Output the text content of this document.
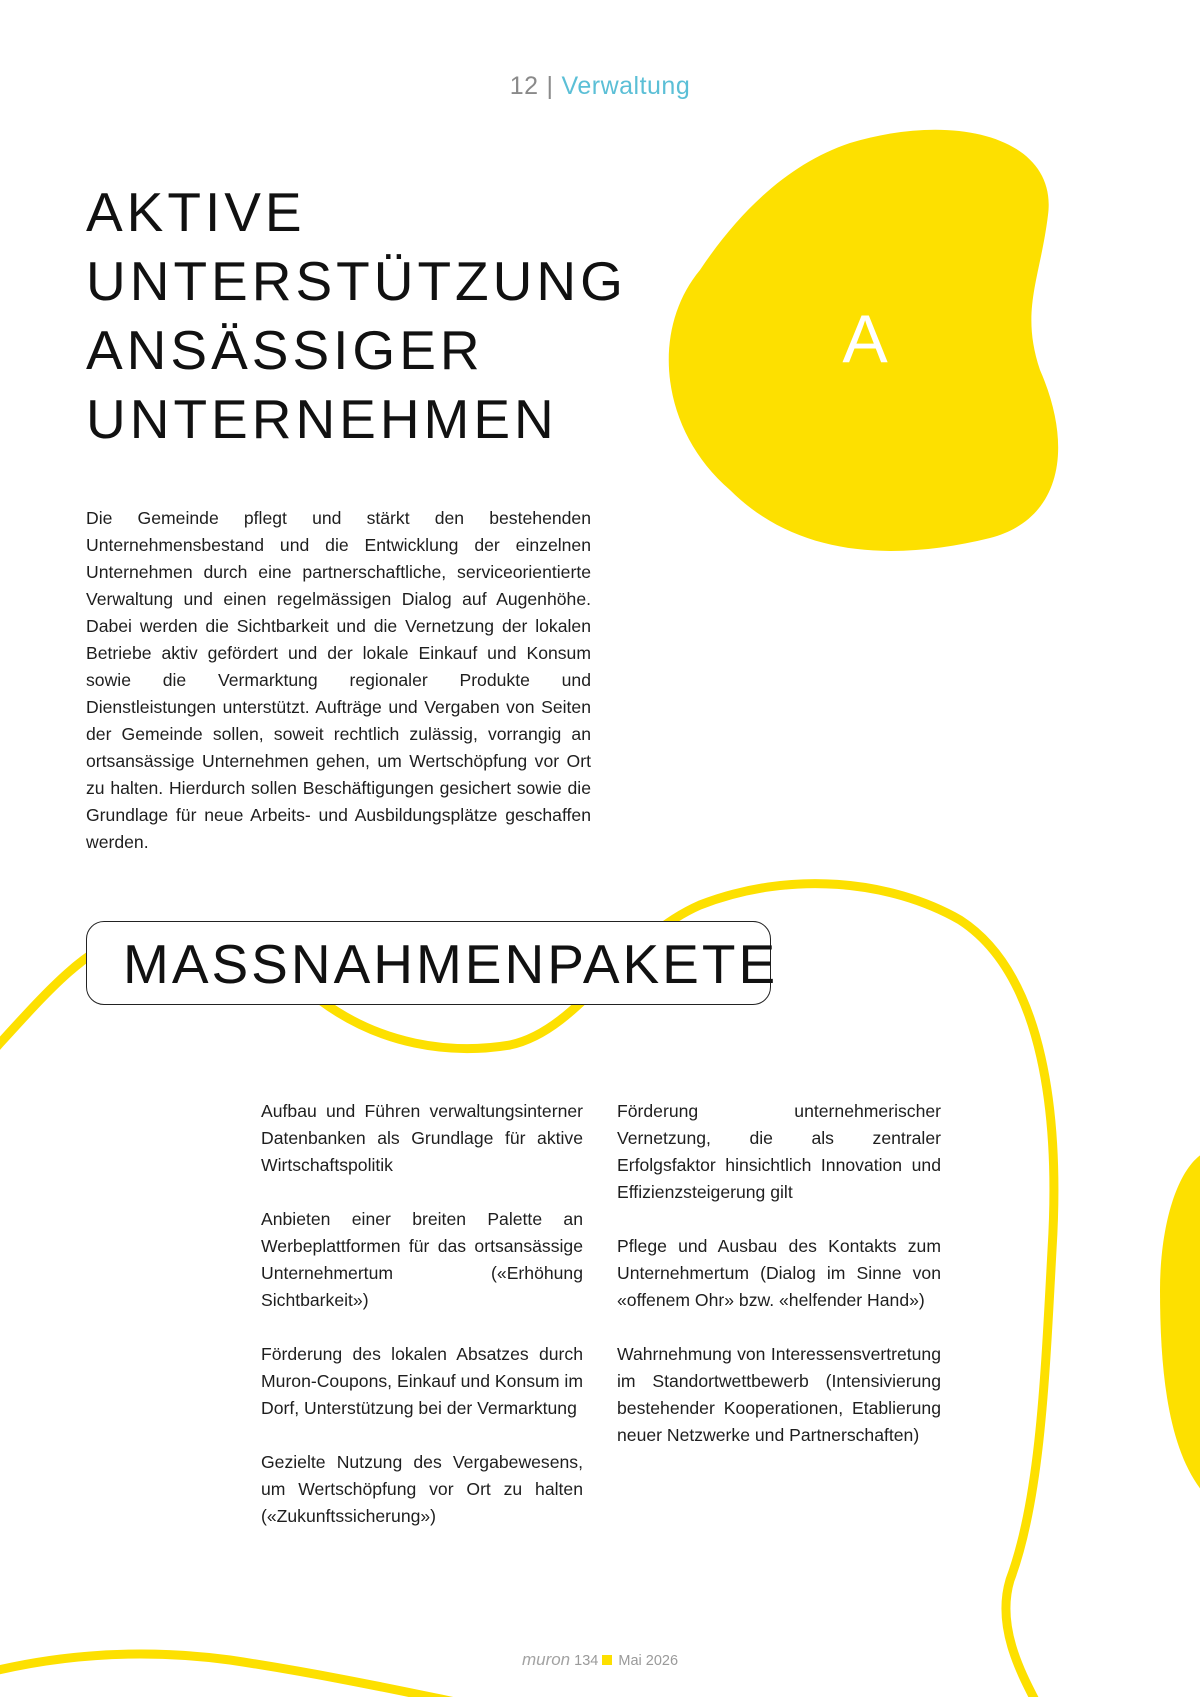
12 | Verwaltung
A
AKTIVE
UNTERSTÜTZUNG
ANSÄSSIGER
UNTERNEHMEN

Die Gemeinde pflegt und stärkt den bestehenden Unternehmensbestand und die Entwicklung der einzelnen Unternehmen durch eine partnerschaftliche, serviceorientierte Verwaltung und einen regelmässigen Dialog auf Augenhöhe. Dabei werden die Sichtbarkeit und die Vernetzung der lokalen Betriebe aktiv gefördert und der lokale Einkauf und Konsum sowie die Vermarktung regionaler Produkte und Dienstleistungen unterstützt. Aufträge und Vergaben von Seiten der Gemeinde sollen, soweit rechtlich zulässig, vorrangig an ortsansässige Unternehmen gehen, um Wertschöpfung vor Ort zu halten. Hierdurch sollen Beschäftigungen gesichert sowie die Grundlage für neue Arbeits- und Ausbildungsplätze geschaffen werden.

MASSNAHMENPAKETE

Aufbau und Führen verwaltungsinterner Datenbanken als Grundlage für aktive Wirtschaftspolitik

Anbieten einer breiten Palette an Werbeplattformen für das ortsansässige Unternehmertum («Erhöhung Sichtbarkeit»)

Förderung des lokalen Absatzes durch Muron-Coupons, Einkauf und Konsum im Dorf, Unterstützung bei der Vermarktung

Gezielte Nutzung des Vergabewesens, um Wertschöpfung vor Ort zu halten («Zukunftssicherung»)

Förderung unternehmerischer Vernetzung, die als zentraler Erfolgsfaktor hinsichtlich Innovation und Effizienzsteigerung gilt

Pflege und Ausbau des Kontakts zum Unternehmertum (Dialog im Sinne von «offenem Ohr» bzw. «helfender Hand»)

Wahrnehmung von Interessensvertretung im Standortwettbewerb (Intensivierung bestehender Kooperationen, Etablierung neuer Netzwerke und Partnerschaften)

muron 134 Mai 2026
